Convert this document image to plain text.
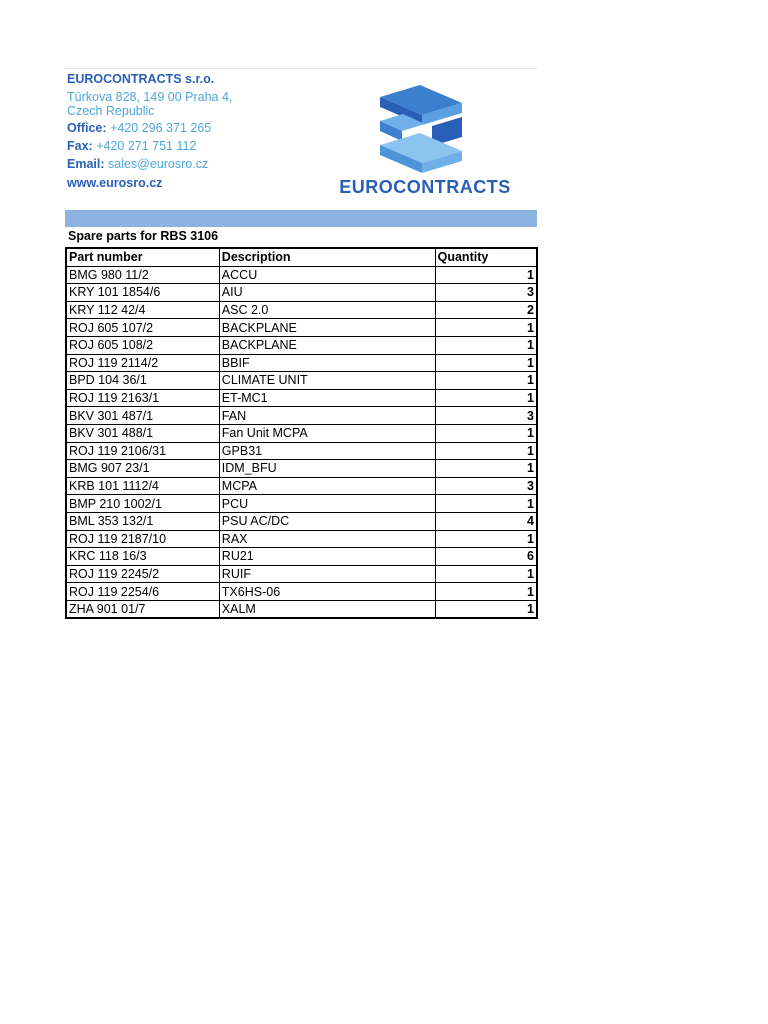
EUROCONTRACTS s.r.o.
Türkova 828, 149 00 Praha 4,
Czech Republic
Office: +420 296 371 265
Fax: +420 271 751 112
Email: sales@eurosro.cz
www.eurosro.cz	EUROCONTRACTS
Spare parts for RBS 3106
Part number	Description	Quantity
BMG 980 11/2	ACCU	1
KRY 101 1854/6	AIU	3
KRY 112 42/4	ASC 2.0	2
ROJ 605 107/2	BACKPLANE	1
ROJ 605 108/2	BACKPLANE	1
ROJ 119 2114/2	BBIF	1
BPD 104 36/1	CLIMATE UNIT	1
ROJ 119 2163/1	ET-MC1	1
BKV 301 487/1	FAN	3
BKV 301 488/1	Fan Unit MCPA	1
ROJ 119 2106/31	GPB31	1
BMG 907 23/1	IDM_BFU	1
KRB 101 1112/4	MCPA	3
BMP 210 1002/1	PCU	1
BML 353 132/1	PSU AC/DC	4
ROJ 119 2187/10	RAX	1
KRC 118 16/3	RU21	6
ROJ 119 2245/2	RUIF	1
ROJ 119 2254/6	TX6HS-06	1
ZHA 901 01/7	XALM	1
